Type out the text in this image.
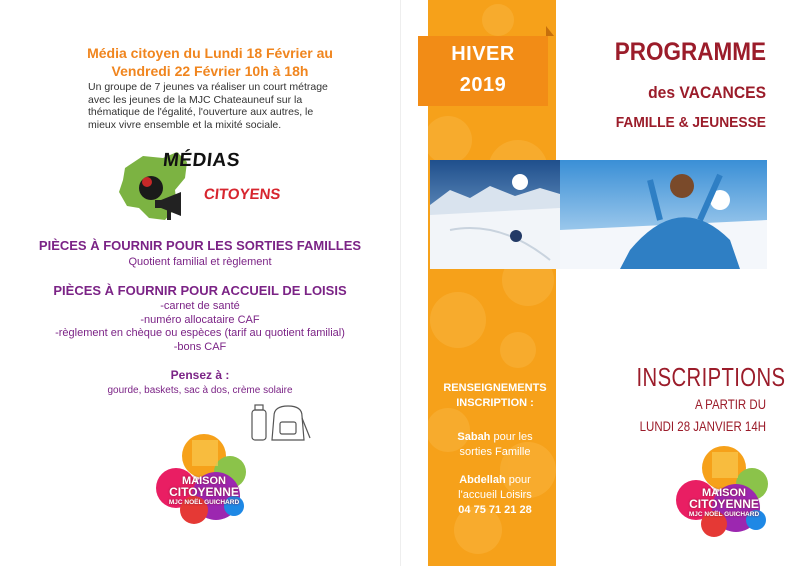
Média citoyen du Lundi 18 Février au
Vendredi 22 Février 10h à 18h
Un groupe de 7 jeunes va réaliser un court métrage avec les jeunes de la MJC Chateauneuf sur la thématique de l'égalité, l'ouverture aux autres, le mieux vivre ensemble et la mixité sociale.
MÉDIAS
CITOYENS
PIÈCES À FOURNIR POUR LES SORTIES FAMILLES
Quotient familial et règlement
PIÈCES À FOURNIR POUR ACCUEIL DE LOISIS
-carnet de santé
-numéro allocataire CAF
-règlement en chèque ou espèces (tarif au quotient familial)
-bons CAF
Pensez à :
gourde, baskets, sac à dos, crème solaire
MAISON
CITOYENNE
MJC NOËL GUICHARD
HIVER
2019
RENSEIGNEMENTS
INSCRIPTION :
Sabah pour les
sorties Famille
Abdellah pour
l'accueil Loisirs
04 75 71 21 28
PROGRAMME
des VACANCES
FAMILLE & JEUNESSE
INSCRIPTIONS
A PARTIR DU
LUNDI 28 JANVIER 14H
MAISON
CITOYENNE
MJC NOËL GUICHARD
